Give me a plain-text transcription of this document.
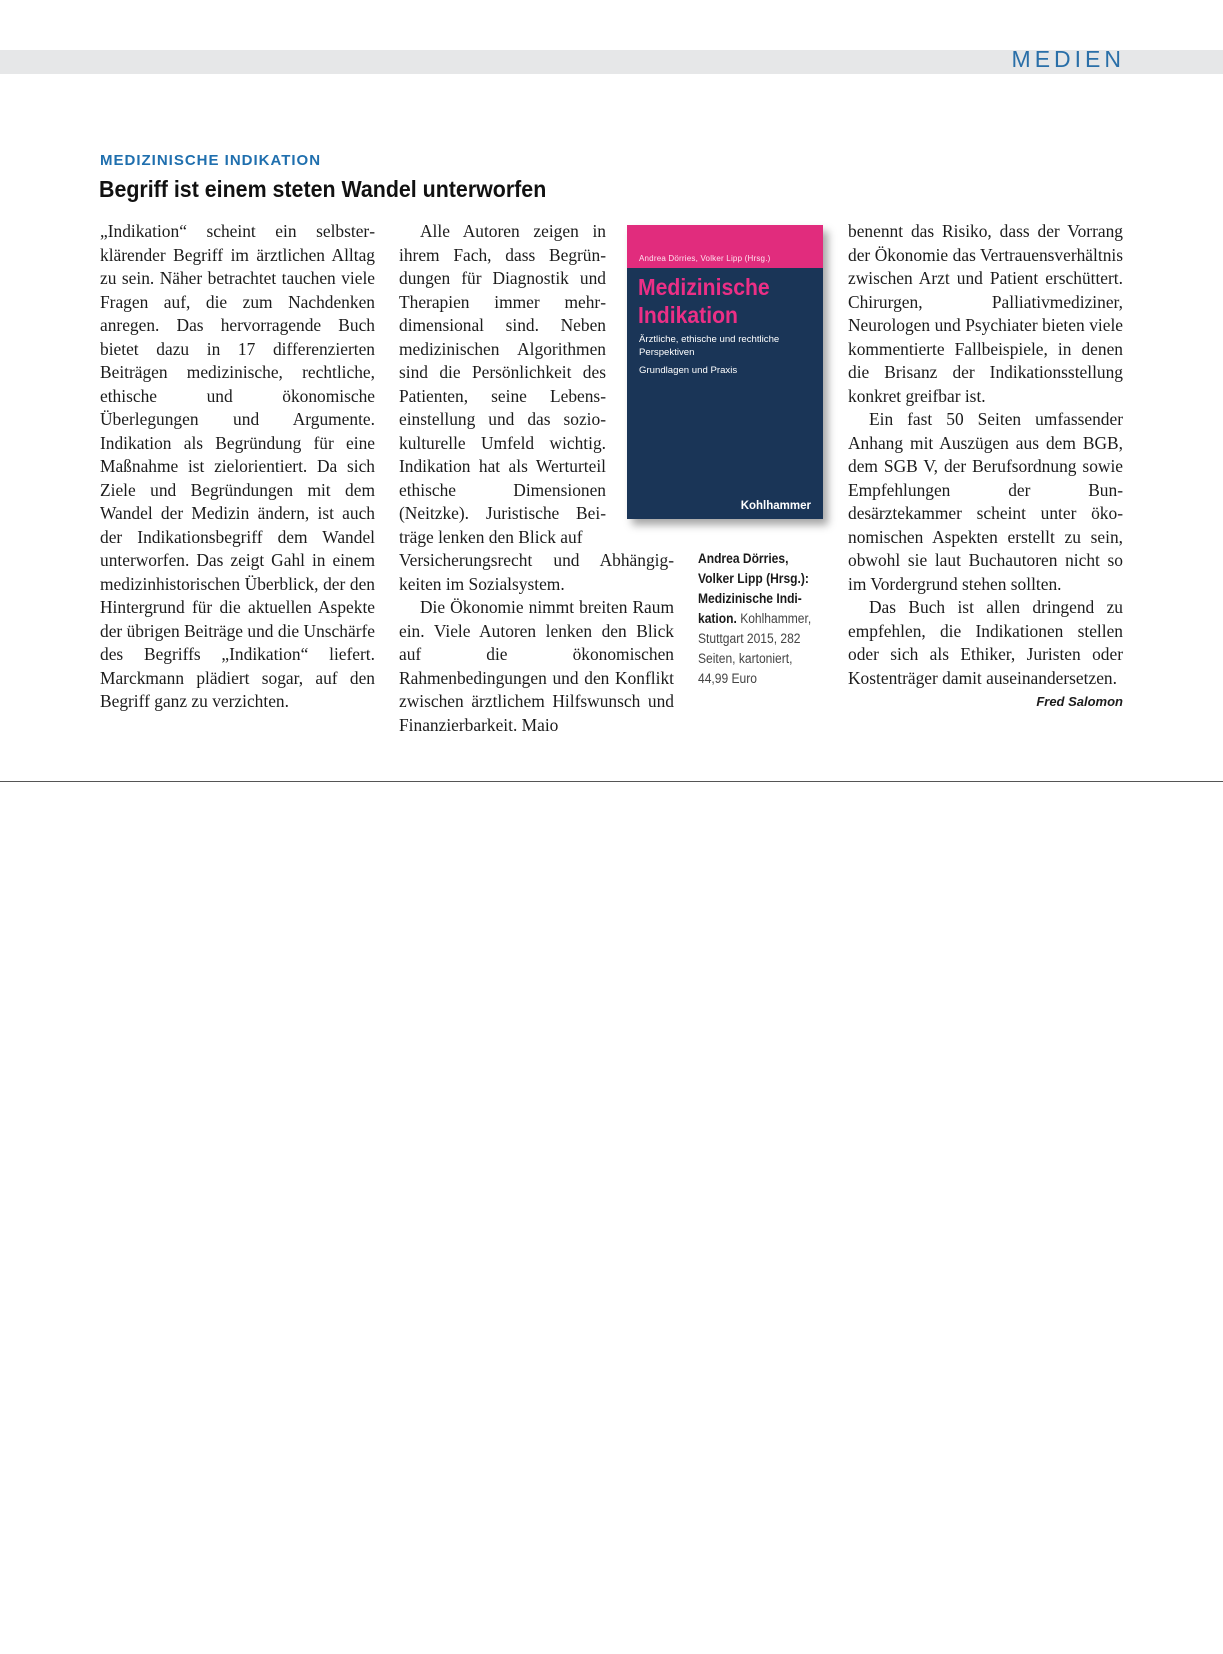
MEDIEN
MEDIZINISCHE INDIKATION
Begriff ist einem steten Wandel unterworfen

„Indikation“ scheint ein selbsterklärender Begriff im ärztlichen Alltag zu sein. Näher betrachtet tauchen viele Fragen auf, die zum Nachdenken anregen. Das hervorragende Buch bietet dazu in 17 differenzierten Beiträgen medizinische, rechtliche, ethische und ökonomische Überlegungen und Argumente. Indikation als Begründung für eine Maßnahme ist zielorientiert. Da sich Ziele und Begründungen mit dem Wandel der Medizin ändern, ist auch der Indikationsbegriff dem Wandel unterworfen. Das zeigt Gahl in einem medizinhistorischen Überblick, der den Hintergrund für die aktuellen Aspekte der übrigen Beiträge und die Unschärfe des Begriffs „Indikation“ liefert. Marckmann plädiert sogar, auf den Begriff ganz zu verzichten.

Alle Autoren zeigen in ihrem Fach, dass Begründungen für Diagnostik und Therapien immer mehrdimensional sind. Neben medizinischen Algorithmen sind die Persönlichkeit des Patienten, seine Lebenseinstellung und das soziokulturelle Umfeld wichtig. Indikation hat als Werturteil ethische Dimensionen (Neitzke). Juristische Beiträge lenken den Blick auf

Versicherungsrecht und Abhängigkeiten im Sozialsystem.

Die Ökonomie nimmt breiten Raum ein. Viele Autoren lenken den Blick auf die ökonomischen Rahmenbedingungen und den Konflikt zwischen ärztlichem Hilfswunsch und Finanzierbarkeit. Maio

Andrea Dörries, Volker Lipp (Hrsg.)
Medizinische
Indikation
Ärztliche, ethische und rechtliche Perspektiven
Grundlagen und Praxis
Kohlhammer
Andrea Dörries, Volker Lipp (Hrsg.): Medizinische Indikation. Kohlhammer, Stuttgart 2015, 282 Seiten, kartoniert, 44,99 Euro

benennt das Risiko, dass der Vorrang der Ökonomie das Vertrauensverhältnis zwischen Arzt und Patient erschüttert. Chirurgen, Palliativmediziner, Neurologen und Psychiater bieten viele kommentierte Fallbeispiele, in denen die Brisanz der Indikationsstellung konkret greifbar ist.

Ein fast 50 Seiten umfassender Anhang mit Auszügen aus dem BGB, dem SGB V, der Berufsordnung sowie Empfehlungen der Bundesärztekammer scheint unter ökonomischen Aspekten erstellt zu sein, obwohl sie laut Buchautoren nicht so im Vordergrund stehen sollten.

Das Buch ist allen dringend zu empfehlen, die Indikationen stellen oder sich als Ethiker, Juristen oder Kostenträger damit auseinandersetzen.
Fred Salomon
